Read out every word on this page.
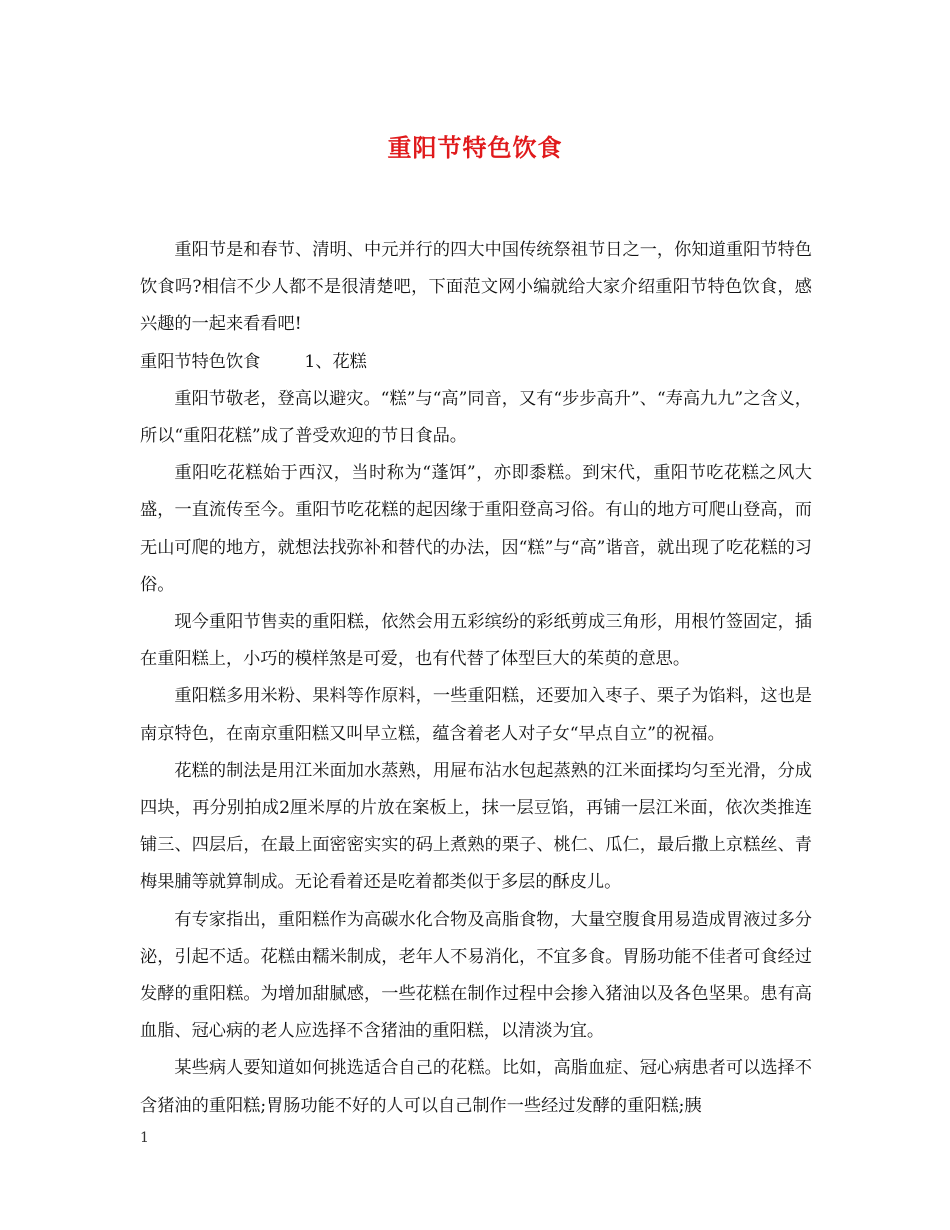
重阳节特色饮食

重阳节是和春节、清明、中元并行的四大中国传统祭祖节日之一，你知道重阳节特色饮食吗?相信不少人都不是很清楚吧，下面范文网小编就给大家介绍重阳节特色饮食，感兴趣的一起来看看吧!

重阳节特色饮食	1、花糕

重阳节敬老，登高以避灾。“糕”与“高”同音，又有“步步高升”、“寿高九九”之含义，所以“重阳花糕”成了普受欢迎的节日食品。

重阳吃花糕始于西汉，当时称为“蓬饵”，亦即黍糕。到宋代，重阳节吃花糕之风大盛，一直流传至今。重阳节吃花糕的起因缘于重阳登高习俗。有山的地方可爬山登高，而无山可爬的地方，就想法找弥补和替代的办法，因“糕”与“高”谐音，就出现了吃花糕的习俗。

现今重阳节售卖的重阳糕，依然会用五彩缤纷的彩纸剪成三角形，用根竹签固定，插在重阳糕上，小巧的模样煞是可爱，也有代替了体型巨大的茱萸的意思。

重阳糕多用米粉、果料等作原料，一些重阳糕，还要加入枣子、栗子为馅料，这也是南京特色，在南京重阳糕又叫早立糕，蕴含着老人对子女“早点自立”的祝福。

花糕的制法是用江米面加水蒸熟，用屉布沾水包起蒸熟的江米面揉均匀至光滑，分成四块，再分别拍成2厘米厚的片放在案板上，抹一层豆馅，再铺一层江米面，依次类推连铺三、四层后，在最上面密密实实的码上煮熟的栗子、桃仁、瓜仁，最后撒上京糕丝、青梅果脯等就算制成。无论看着还是吃着都类似于多层的酥皮儿。

有专家指出，重阳糕作为高碳水化合物及高脂食物，大量空腹食用易造成胃液过多分泌，引起不适。花糕由糯米制成，老年人不易消化，不宜多食。胃肠功能不佳者可食经过发酵的重阳糕。为增加甜腻感，一些花糕在制作过程中会掺入猪油以及各色坚果。患有高血脂、冠心病的老人应选择不含猪油的重阳糕，以清淡为宜。

某些病人要知道如何挑选适合自己的花糕。比如，高脂血症、冠心病患者可以选择不含猪油的重阳糕;胃肠功能不好的人可以自己制作一些经过发酵的重阳糕;胰

1
